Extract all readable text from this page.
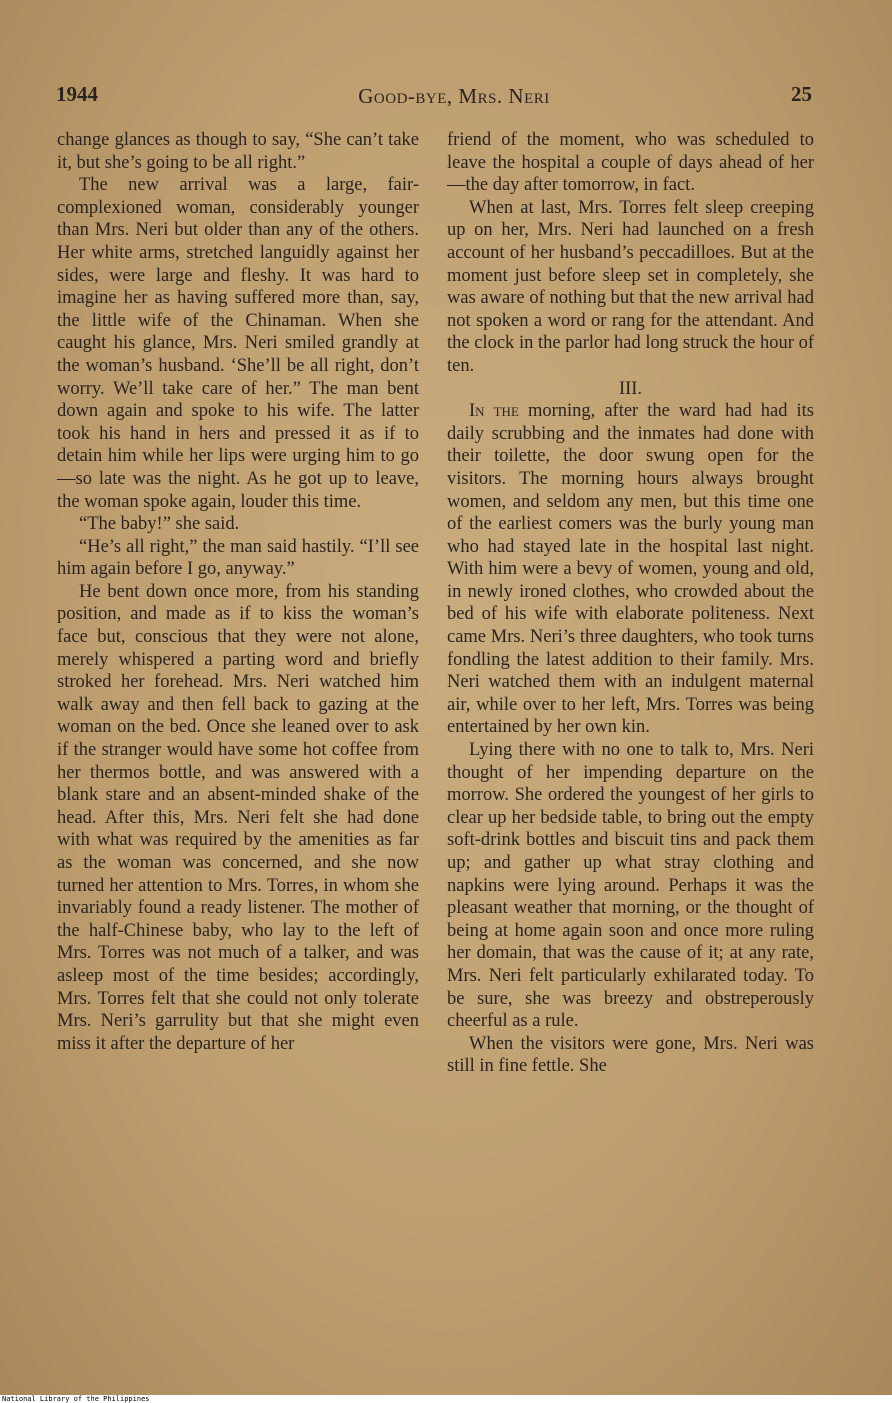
1944	Good-bye, Mrs. Neri	25

change glances as though to say, “She can’t take it, but she’s going to be all right.”

The new arrival was a large, fair-complexioned woman, considerably younger than Mrs. Neri but older than any of the others. Her white arms, stretched languidly against her sides, were large and fleshy. It was hard to imagine her as having suffered more than, say, the little wife of the Chinaman. When she caught his glance, Mrs. Neri smiled grandly at the woman’s husband. ‘She’ll be all right, don’t worry. We’ll take care of her.” The man bent down again and spoke to his wife. The latter took his hand in hers and pressed it as if to detain him while her lips were urging him to go—so late was the night. As he got up to leave, the woman spoke again, louder this time.

“The baby!” she said.

“He’s all right,” the man said hastily. “I’ll see him again before I go, anyway.”

He bent down once more, from his standing position, and made as if to kiss the woman’s face but, conscious that they were not alone, merely whispered a parting word and briefly stroked her forehead. Mrs. Neri watched him walk away and then fell back to gazing at the woman on the bed. Once she leaned over to ask if the stranger would have some hot coffee from her thermos bottle, and was answered with a blank stare and an absent-minded shake of the head. After this, Mrs. Neri felt she had done with what was required by the amenities as far as the woman was concerned, and she now turned her attention to Mrs. Torres, in whom she invariably found a ready listener. The mother of the half-Chinese baby, who lay to the left of Mrs. Torres was not much of a talker, and was asleep most of the time besides; accordingly, Mrs. Torres felt that she could not only tolerate Mrs. Neri’s garrulity but that she might even miss it after the departure of her

friend of the moment, who was scheduled to leave the hospital a couple of days ahead of her—the day after tomorrow, in fact.

When at last, Mrs. Torres felt sleep creeping up on her, Mrs. Neri had launched on a fresh account of her husband’s peccadilloes. But at the moment just before sleep set in completely, she was aware of nothing but that the new arrival had not spoken a word or rang for the attendant. And the clock in the parlor had long struck the hour of ten.

III.

In the morning, after the ward had had its daily scrubbing and the inmates had done with their toilette, the door swung open for the visitors. The morning hours always brought women, and seldom any men, but this time one of the earliest comers was the burly young man who had stayed late in the hospital last night. With him were a bevy of women, young and old, in newly ironed clothes, who crowded about the bed of his wife with elaborate politeness. Next came Mrs. Neri’s three daughters, who took turns fondling the latest addition to their family. Mrs. Neri watched them with an indulgent maternal air, while over to her left, Mrs. Torres was being entertained by her own kin.

Lying there with no one to talk to, Mrs. Neri thought of her impending departure on the morrow. She ordered the youngest of her girls to clear up her bedside table, to bring out the empty soft-drink bottles and biscuit tins and pack them up; and gather up what stray clothing and napkins were lying around. Perhaps it was the pleasant weather that morning, or the thought of being at home again soon and once more ruling her domain, that was the cause of it; at any rate, Mrs. Neri felt particularly exhilarated today. To be sure, she was breezy and obstreperously cheerful as a rule.

When the visitors were gone, Mrs. Neri was still in fine fettle. She

National Library of the Philippines
